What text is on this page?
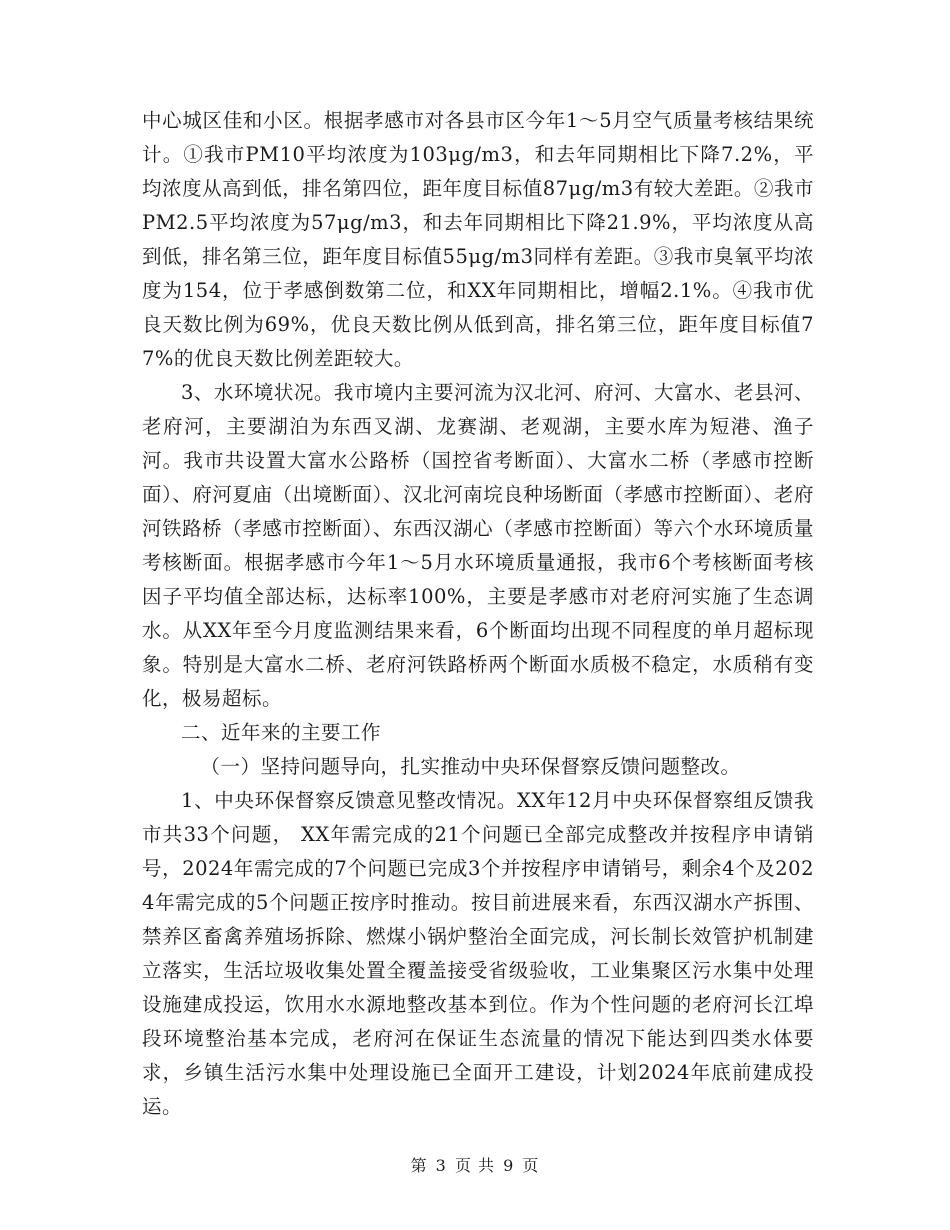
中心城区佳和小区。根据孝感市对各县市区今年1～5月空气质量考核结果统计。①我市PM10平均浓度为103μg/m3，和去年同期相比下降7.2%，平均浓度从高到低，排名第四位，距年度目标值87μg/m3有较大差距。②我市PM2.5平均浓度为57μg/m3，和去年同期相比下降21.9%，平均浓度从高到低，排名第三位，距年度目标值55μg/m3同样有差距。③我市臭氧平均浓度为154，位于孝感倒数第二位，和XX年同期相比，增幅2.1%。④我市优良天数比例为69%，优良天数比例从低到高，排名第三位，距年度目标值77%的优良天数比例差距较大。

3、水环境状况。我市境内主要河流为汉北河、府河、大富水、老县河、老府河，主要湖泊为东西叉湖、龙赛湖、老观湖，主要水库为短港、渔子河。我市共设置大富水公路桥（国控省考断面）、大富水二桥（孝感市控断面）、府河夏庙（出境断面）、汉北河南垸良种场断面（孝感市控断面）、老府河铁路桥（孝感市控断面）、东西汉湖心（孝感市控断面）等六个水环境质量考核断面。根据孝感市今年1～5月水环境质量通报，我市6个考核断面考核因子平均值全部达标，达标率100%，主要是孝感市对老府河实施了生态调水。从XX年至今月度监测结果来看，6个断面均出现不同程度的单月超标现象。特别是大富水二桥、老府河铁路桥两个断面水质极不稳定，水质稍有变化，极易超标。

二、近年来的主要工作

（一）坚持问题导向，扎实推动中央环保督察反馈问题整改。

1、中央环保督察反馈意见整改情况。XX年12月中央环保督察组反馈我市共33个问题， XX年需完成的21个问题已全部完成整改并按程序申请销号，2024年需完成的7个问题已完成3个并按程序申请销号，剩余4个及2024年需完成的5个问题正按序时推动。按目前进展来看，东西汉湖水产拆围、禁养区畜禽养殖场拆除、燃煤小锅炉整治全面完成，河长制长效管护机制建立落实，生活垃圾收集处置全覆盖接受省级验收，工业集聚区污水集中处理设施建成投运，饮用水水源地整改基本到位。作为个性问题的老府河长江埠段环境整治基本完成，老府河在保证生态流量的情况下能达到四类水体要求，乡镇生活污水集中处理设施已全面开工建设，计划2024年底前建成投运。

第 3 页 共 9 页
